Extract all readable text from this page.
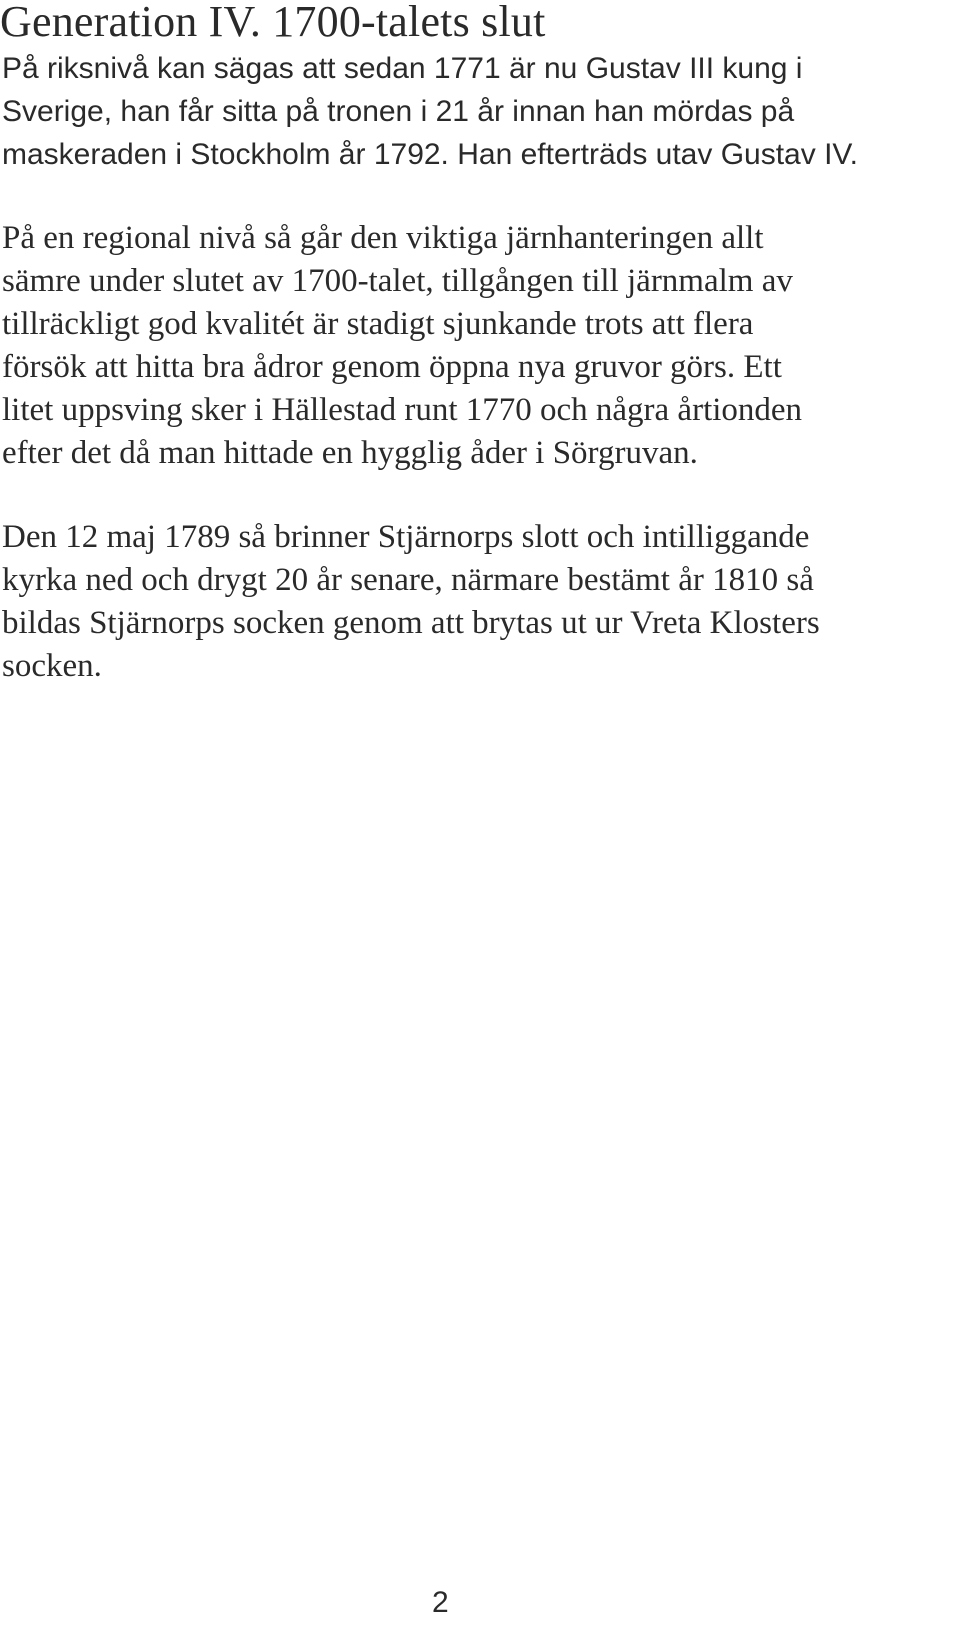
Generation IV. 1700-talets slut

På riksnivå kan sägas att sedan 1771 är nu Gustav III kung i
Sverige, han får sitta på tronen i 21 år innan han mördas på
maskeraden i Stockholm år 1792. Han efterträds utav Gustav IV.

På en regional nivå så går den viktiga järnhanteringen allt
sämre under slutet av 1700-talet, tillgången till järnmalm av
tillräckligt god kvalitét är stadigt sjunkande trots att flera
försök att hitta bra ådror genom öppna nya gruvor görs. Ett
litet uppsving sker i Hällestad runt 1770 och några årtionden
efter det då man hittade en hygglig åder i Sörgruvan.

Den 12 maj 1789 så brinner Stjärnorps slott och intilliggande
kyrka ned och drygt 20 år senare, närmare bestämt år 1810 så
bildas Stjärnorps socken genom att brytas ut ur Vreta Klosters
socken.

2
